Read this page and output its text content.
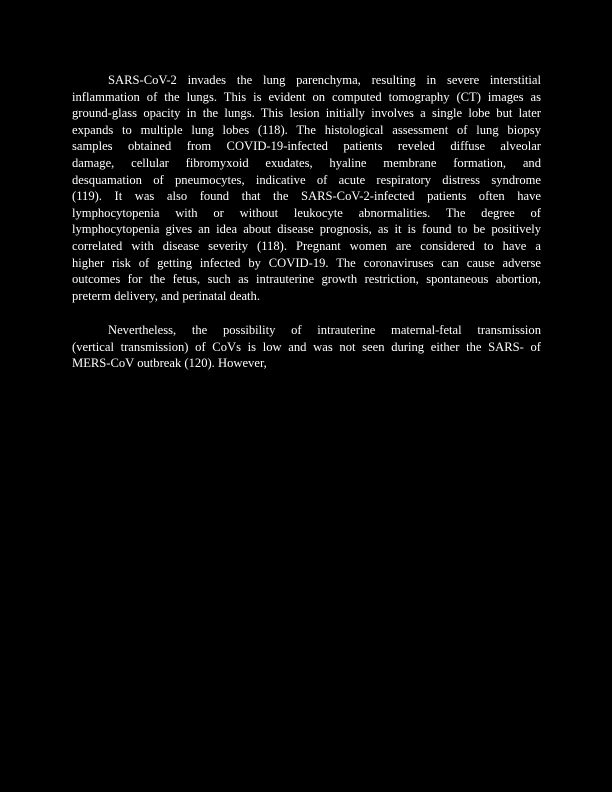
SARS-CoV-2 invades the lung parenchyma, resulting in severe interstitial
inflammation of the lungs. This is evident on computed tomography (CT) images as
ground-glass opacity in the lungs. This lesion initially involves a single lobe but later
expands to multiple lung lobes (118). The histological assessment of lung biopsy
samples obtained from COVID-19-infected patients reveled diffuse alveolar
damage, cellular fibromyxoid exudates, hyaline membrane formation, and
desquamation of pneumocytes, indicative of acute respiratory distress syndrome
(119). It was also found that the SARS-CoV-2-infected patients often have
lymphocytopenia with or without leukocyte abnormalities. The degree of
lymphocytopenia gives an idea about disease prognosis, as it is found to be positively
correlated with disease severity (118). Pregnant women are considered to have a
higher risk of getting infected by COVID-19. The coronaviruses can cause adverse
outcomes for the fetus, such as intrauterine growth restriction, spontaneous abortion,
preterm delivery, and perinatal death.
Nevertheless, the possibility of intrauterine maternal-fetal transmission
(vertical transmission) of CoVs is low and was not seen during either the SARS- of
MERS-CoV outbreak (120). However,
